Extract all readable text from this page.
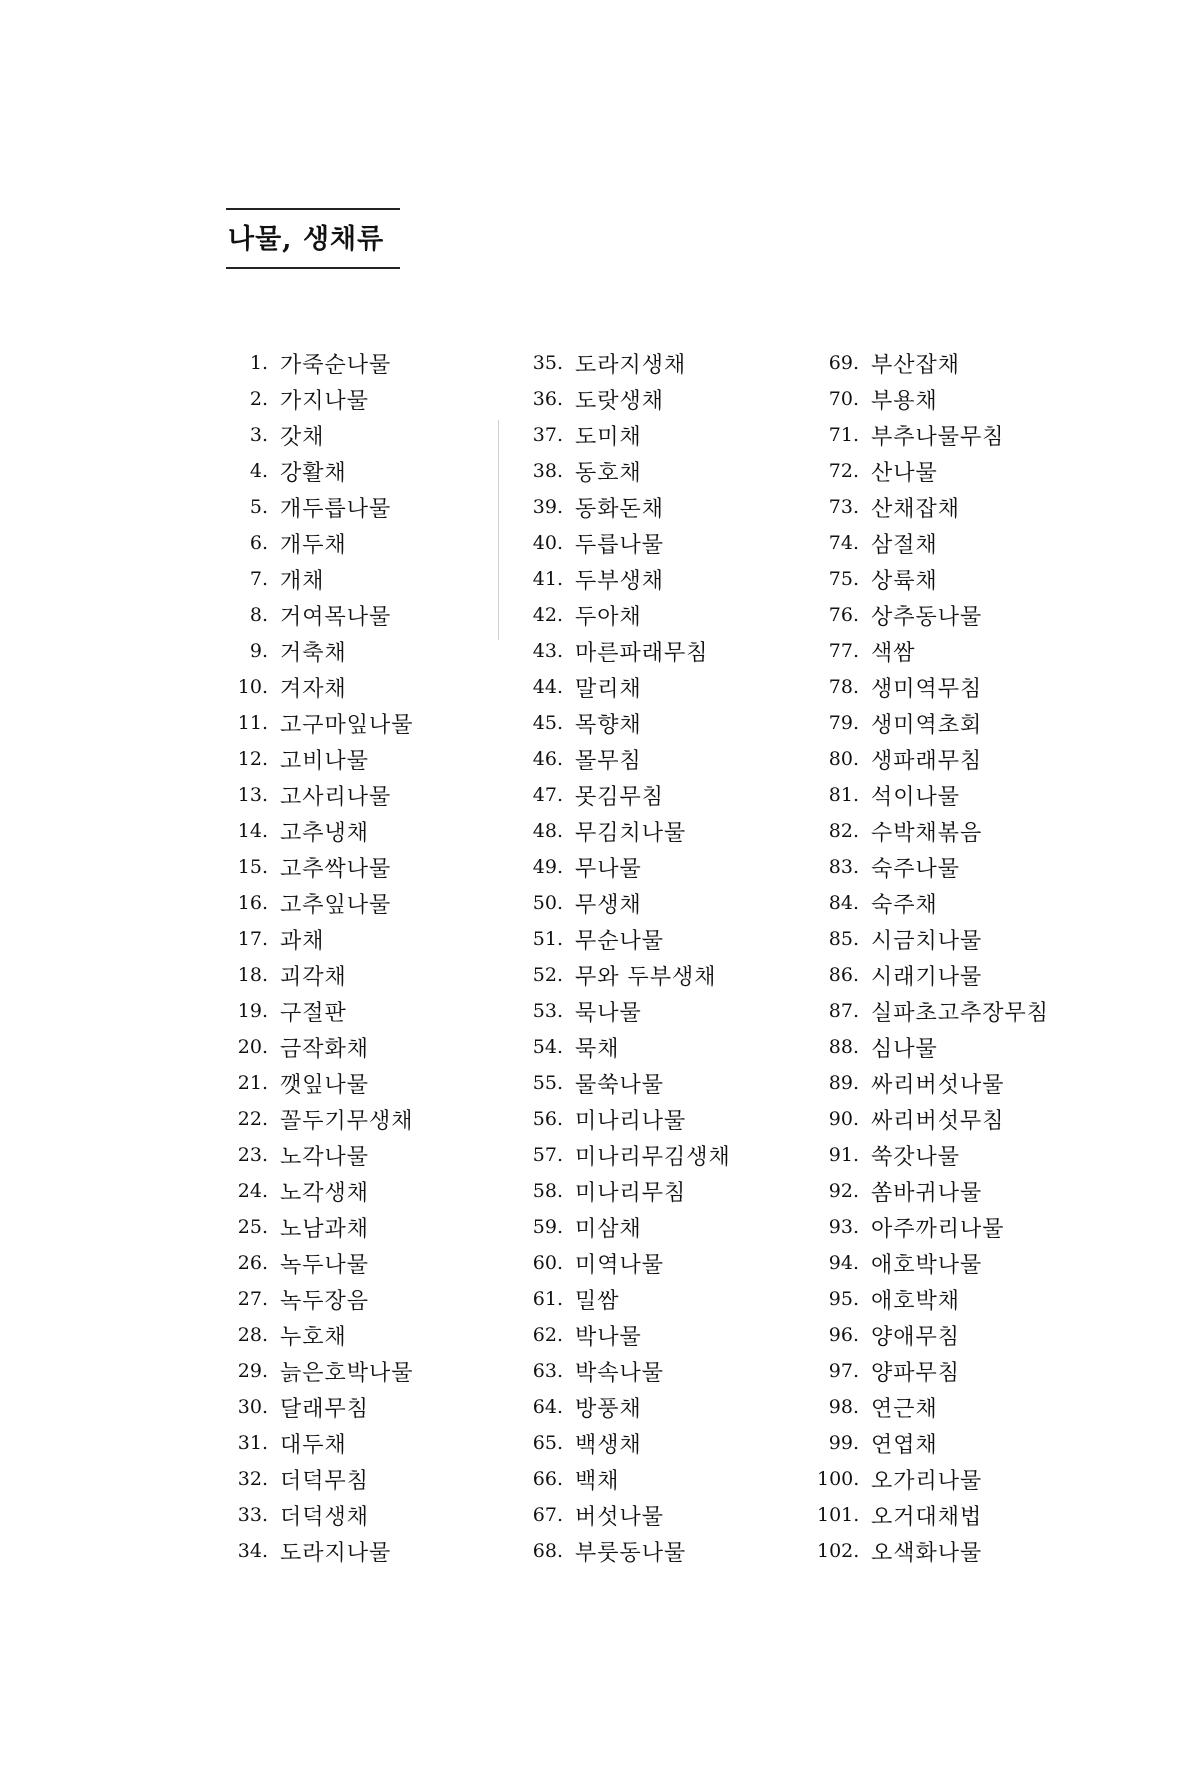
나물, 생채류
1. 가죽순나물
2. 가지나물
3. 갓채
4. 강활채
5. 개두릅나물
6. 개두채
7. 개채
8. 거여목나물
9. 거축채
10. 겨자채
11. 고구마잎나물
12. 고비나물
13. 고사리나물
14. 고추냉채
15. 고추싹나물
16. 고추잎나물
17. 과채
18. 괴각채
19. 구절판
20. 금작화채
21. 깻잎나물
22. 꼴두기무생채
23. 노각나물
24. 노각생채
25. 노남과채
26. 녹두나물
27. 녹두장음
28. 누호채
29. 늙은호박나물
30. 달래무침
31. 대두채
32. 더덕무침
33. 더덕생채
34. 도라지나물
35. 도라지생채
36. 도랏생채
37. 도미채
38. 동호채
39. 동화돈채
40. 두릅나물
41. 두부생채
42. 두아채
43. 마른파래무침
44. 말리채
45. 목향채
46. 몰무침
47. 못김무침
48. 무김치나물
49. 무나물
50. 무생채
51. 무순나물
52. 무와 두부생채
53. 묵나물
54. 묵채
55. 물쑥나물
56. 미나리나물
57. 미나리무김생채
58. 미나리무침
59. 미삼채
60. 미역나물
61. 밀쌈
62. 박나물
63. 박속나물
64. 방풍채
65. 백생채
66. 백채
67. 버섯나물
68. 부룻동나물
69. 부산잡채
70. 부용채
71. 부추나물무침
72. 산나물
73. 산채잡채
74. 삼절채
75. 상륙채
76. 상추동나물
77. 색쌈
78. 생미역무침
79. 생미역초회
80. 생파래무침
81. 석이나물
82. 수박채볶음
83. 숙주나물
84. 숙주채
85. 시금치나물
86. 시래기나물
87. 실파초고추장무침
88. 심나물
89. 싸리버섯나물
90. 싸리버섯무침
91. 쑥갓나물
92. 쏨바귀나물
93. 아주까리나물
94. 애호박나물
95. 애호박채
96. 양애무침
97. 양파무침
98. 연근채
99. 연엽채
100. 오가리나물
101. 오거대채법
102. 오색화나물
